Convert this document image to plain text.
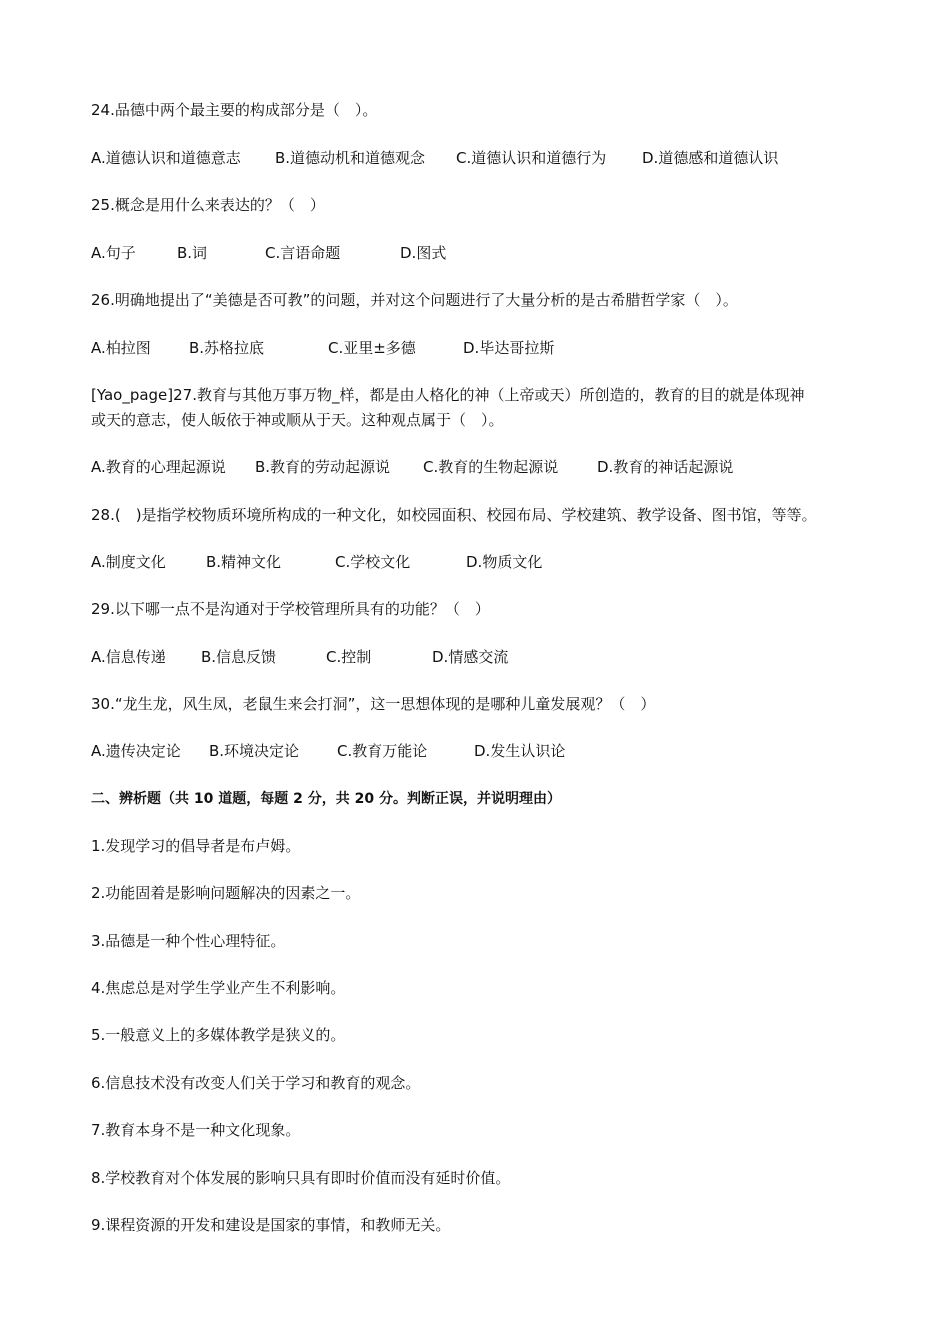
24.品德中两个最主要的构成部分是（　）。
A.道德认识和道德意志	B.道德动机和道德观念	C.道德认识和道德行为	D.道德感和道德认识
25.概念是用什么来表达的？（　）
A.句子	B.词	C.言语命题	D.图式
26.明确地提出了“美德是否可教”的问题，并对这个问题进行了大量分析的是古希腊哲学家（　）。
A.柏拉图	B.苏格拉底	C.亚里±多德	D.毕达哥拉斯
[Yao_page]27.教育与其他万事万物_样，都是由人格化的神（上帝或天）所创造的，教育的目的就是体现神
或天的意志，使人皈依于神或顺从于天。这种观点属于（　）。
A.教育的心理起源说	B.教育的劳动起源说	C.教育的生物起源说	D.教育的神话起源说
28.(　)是指学校物质环境所构成的一种文化，如校园面积、校园布局、学校建筑、教学设备、图书馆，等等。
A.制度文化	B.精神文化	C.学校文化	D.物质文化
29.以下哪一点不是沟通对于学校管理所具有的功能？（　）
A.信息传递	B.信息反馈	C.控制	D.情感交流
30.“龙生龙，风生凤，老鼠生来会打洞”，这一思想体现的是哪种儿童发展观？（　）
A.遗传决定论	B.环境决定论	C.教育万能论	D.发生认识论
二、辨析题（共 10 道题，每题 2 分，共 20 分。判断正误，并说明理由）
1.发现学习的倡导者是布卢姆。
2.功能固着是影响问题解决的因素之一。
3.品德是一种个性心理特征。
4.焦虑总是对学生学业产生不利影响。
5.一般意义上的多媒体教学是狭义的。
6.信息技术没有改变人们关于学习和教育的观念。
7.教育本身不是一种文化现象。
8.学校教育对个体发展的影响只具有即时价值而没有延时价值。
9.课程资源的开发和建设是国家的事情，和教师无关。
